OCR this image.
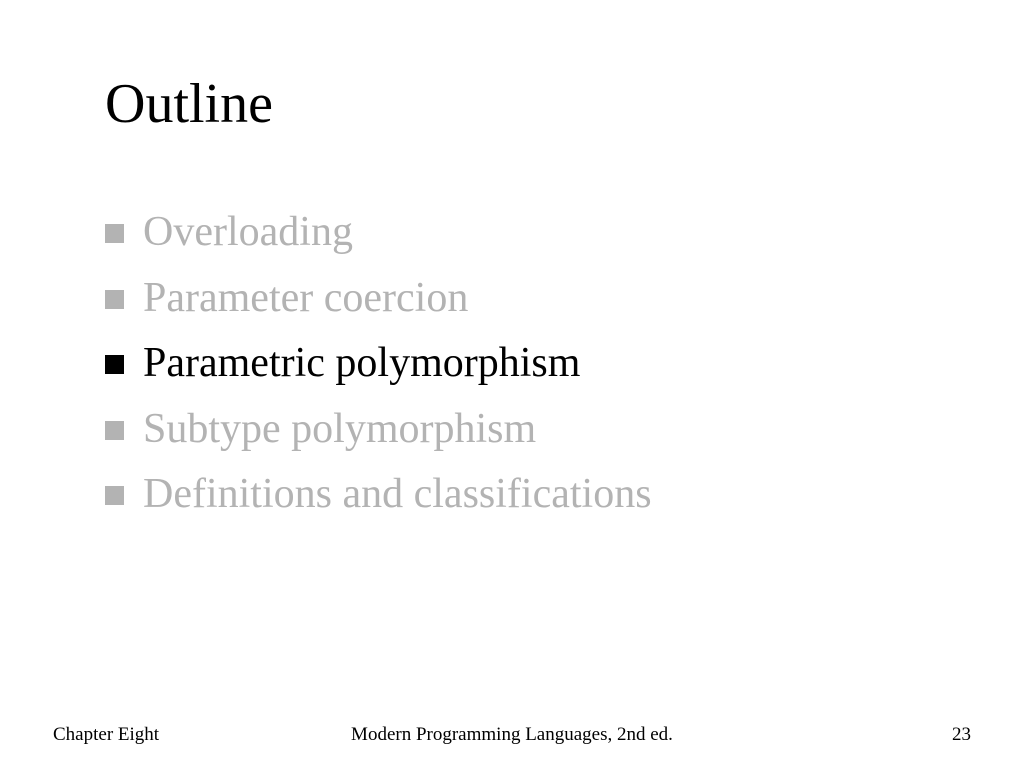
Outline
Overloading
Parameter coercion
Parametric polymorphism
Subtype polymorphism
Definitions and classifications
Modern Programming Languages, 2nd ed.
Chapter Eight	23
